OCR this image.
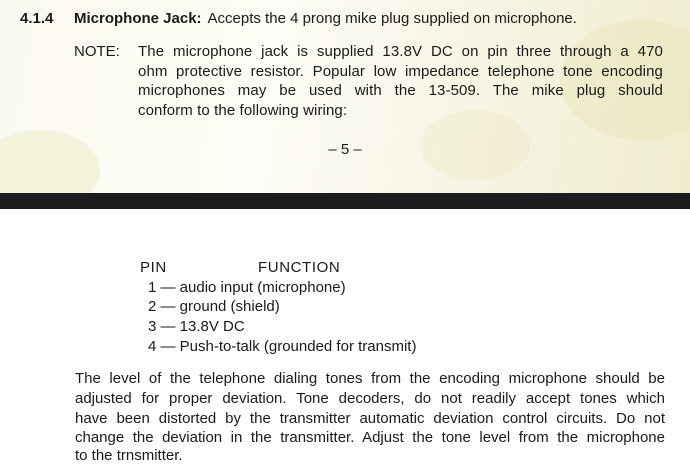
4.1.4 Microphone Jack: Accepts the 4 prong mike plug supplied on microphone.
NOTE: The microphone jack is supplied 13.8V DC on pin three through a 470
ohm protective resistor. Popular low impedance telephone tone encoding
microphones may be used with the 13-509. The mike plug should
conform to the following wiring:
– 5 –
PIN	FUNCTION
1 — audio input (microphone)
2 — ground (shield)
3 — 13.8V DC
4 — Push-to-talk (grounded for transmit)
The level of the telephone dialing tones from the encoding microphone should be
adjusted for proper deviation. Tone decoders, do not readily accept tones which
have been distorted by the transmitter automatic deviation control circuits. Do not
change the deviation in the transmitter. Adjust the tone level from the microphone
to the trnsmitter.
